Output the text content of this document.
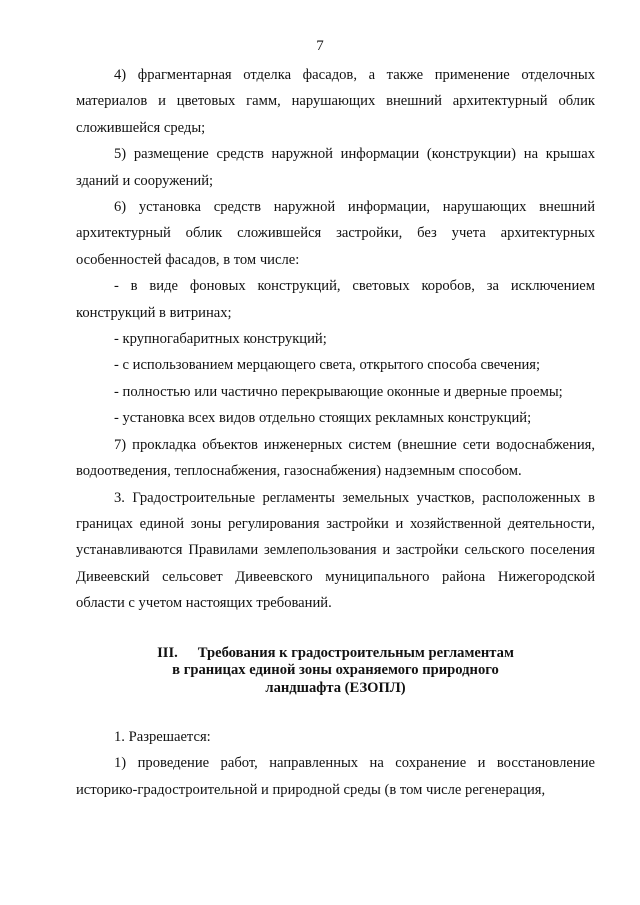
7

4) фрагментарная отделка фасадов, а также применение отделочных материалов и цветовых гамм, нарушающих внешний архитектурный облик сложившейся среды;

5) размещение средств наружной информации (конструкции) на крышах зданий и сооружений;

6) установка средств наружной информации, нарушающих внешний архитектурный облик сложившейся застройки, без учета архитектурных особенностей фасадов, в том числе:

- в виде фоновых конструкций, световых коробов, за исключением конструкций в витринах;

- крупногабаритных конструкций;

- с использованием мерцающего света, открытого способа свечения;

- полностью или частично перекрывающие оконные и дверные проемы;

- установка всех видов отдельно стоящих рекламных конструкций;

7) прокладка объектов инженерных систем (внешние сети водоснабжения, водоотведения, теплоснабжения, газоснабжения) надземным способом.

3. Градостроительные регламенты земельных участков, расположенных в границах единой зоны регулирования застройки и хозяйственной деятельности, устанавливаются Правилами землепользования и застройки сельского поселения Дивеевский сельсовет Дивеевского муниципального района Нижегородской области с учетом настоящих требований.

III. Требования к градостроительным регламентам
в границах единой зоны охраняемого природного
ландшафта (ЕЗОПЛ)

1. Разрешается:

1) проведение работ, направленных на сохранение и восстановление историко-градостроительной и природной среды (в том числе регенерация,
